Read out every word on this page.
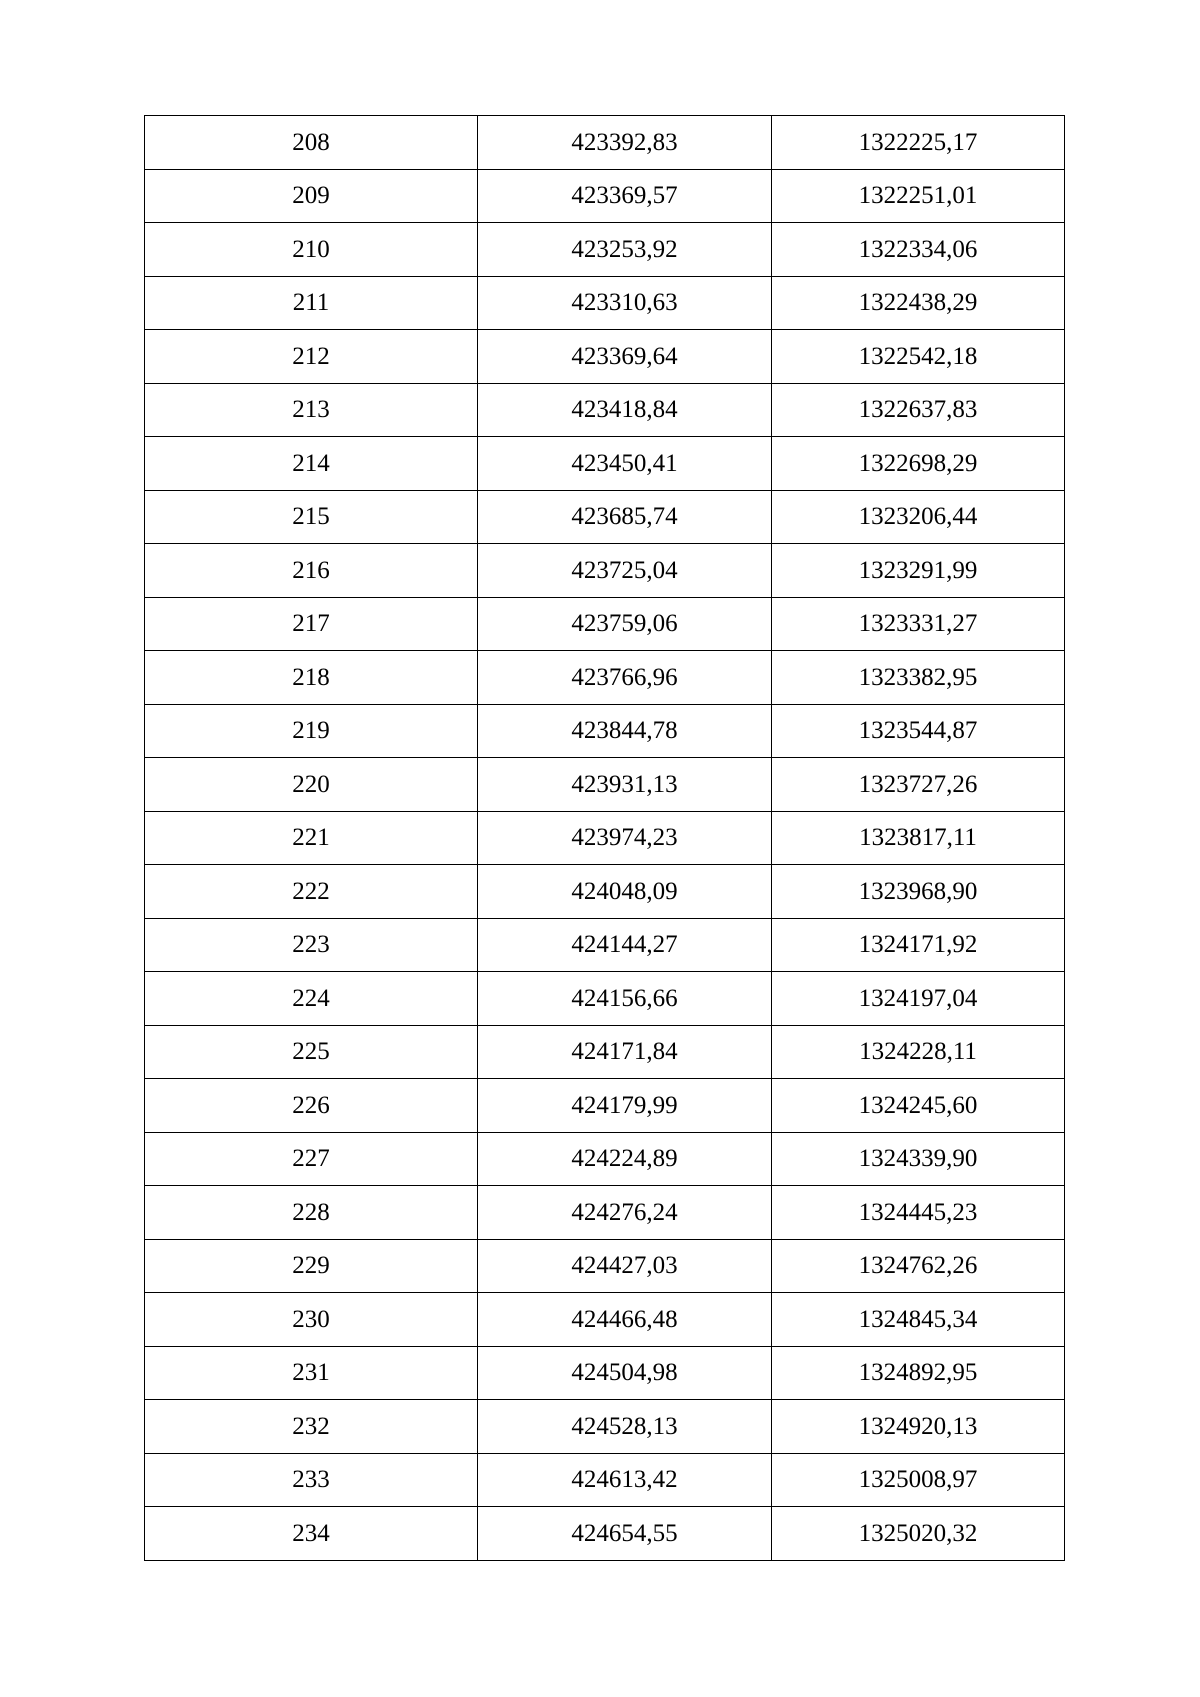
208	423392,83	1322225,17
209	423369,57	1322251,01
210	423253,92	1322334,06
211	423310,63	1322438,29
212	423369,64	1322542,18
213	423418,84	1322637,83
214	423450,41	1322698,29
215	423685,74	1323206,44
216	423725,04	1323291,99
217	423759,06	1323331,27
218	423766,96	1323382,95
219	423844,78	1323544,87
220	423931,13	1323727,26
221	423974,23	1323817,11
222	424048,09	1323968,90
223	424144,27	1324171,92
224	424156,66	1324197,04
225	424171,84	1324228,11
226	424179,99	1324245,60
227	424224,89	1324339,90
228	424276,24	1324445,23
229	424427,03	1324762,26
230	424466,48	1324845,34
231	424504,98	1324892,95
232	424528,13	1324920,13
233	424613,42	1325008,97
234	424654,55	1325020,32
